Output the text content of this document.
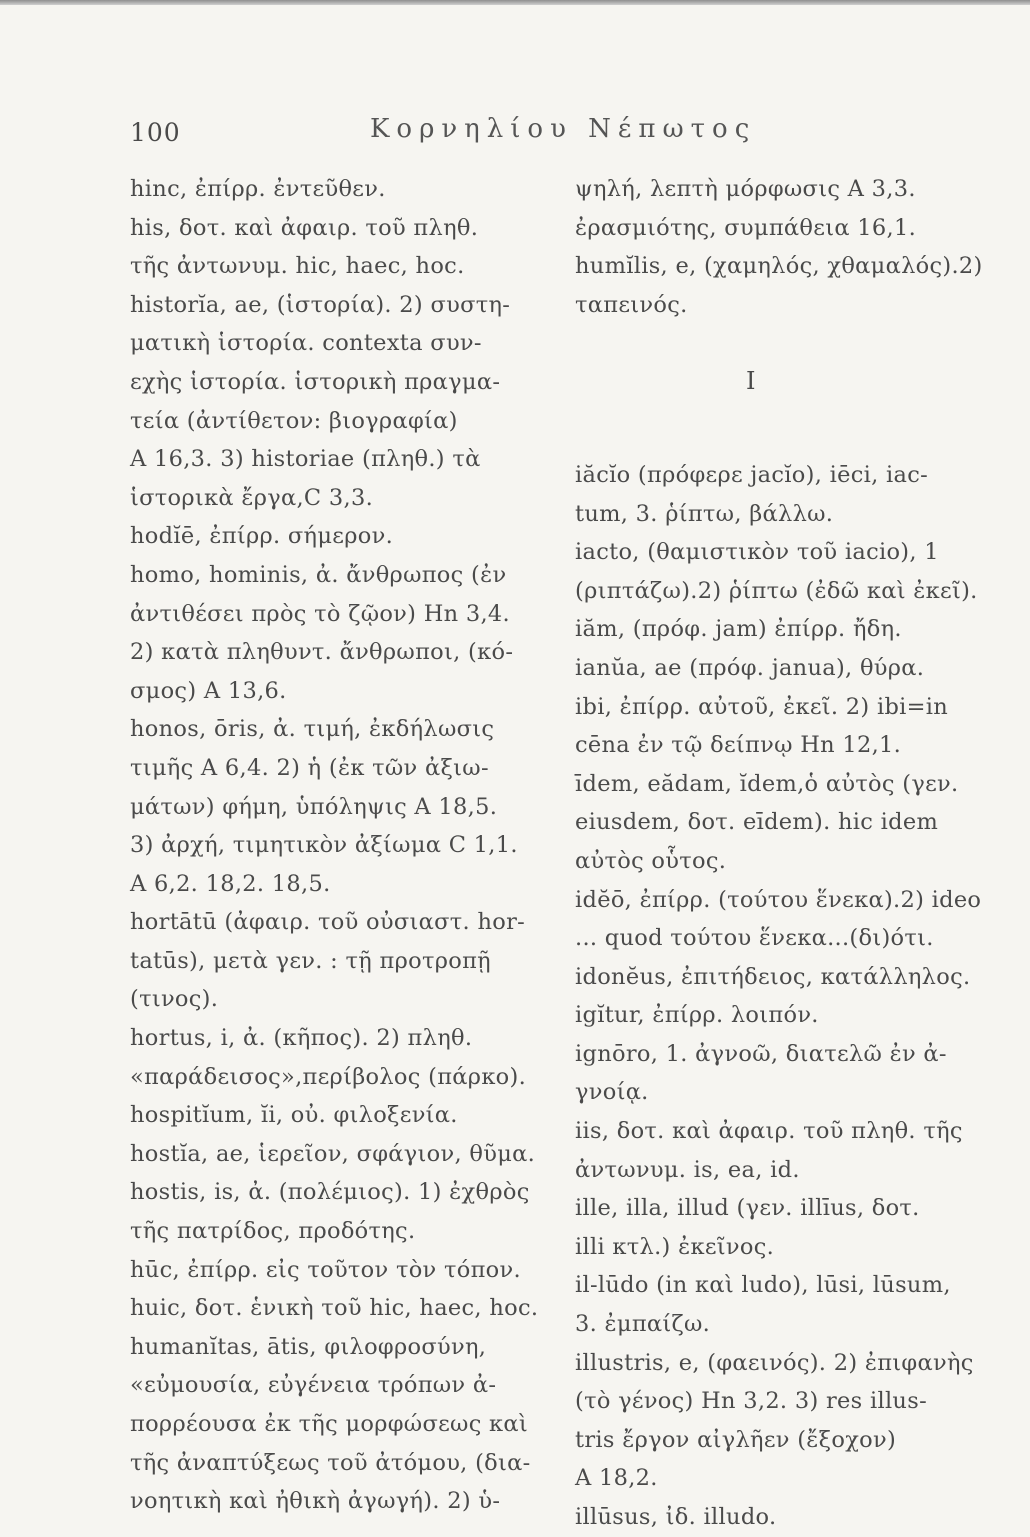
100	Κορνηλίου Νέπωτος
hinc, ἐπίρρ. ἐντεῦθεν.
his, δοτ. καὶ ἀφαιρ. τοῦ πληθ.
τῆς ἀντωνυμ. hic, haec, hoc.
historĭa, ae, (ἱστορία). 2) συστη-
ματικὴ ἱστορία. contexta συν-
εχὴς ἱστορία. ἱστορικὴ πραγμα-
τεία (ἀντίθετον: βιογραφία)
A 16,3. 3) historiae (πληθ.) τὰ
ἱστορικὰ ἔργα,C 3,3.
hodĭē, ἐπίρρ. σήμερον.
homo, hominis, ἀ. ἄνθρωπος (ἐν
ἀντιθέσει πρὸς τὸ ζῷον) Hn 3,4.
2) κατὰ πληθυντ. ἄνθρωποι, (κό-
σμος) A 13,6.
honos, ōris, ἀ. τιμή, ἐκδήλωσις
τιμῆς A 6,4. 2) ἡ (ἐκ τῶν ἀξιω-
μάτων) φήμη, ὑπόληψις A 18,5.
3) ἀρχή, τιμητικὸν ἀξίωμα C 1,1.
A 6,2. 18,2. 18,5.
hortātū (ἀφαιρ. τοῦ οὐσιαστ. hor-
tatūs), μετὰ γεν. : τῇ προτροπῇ
(τινος).
hortus, i, ἀ. (κῆπος). 2) πληθ.
«παράδεισος»,περίβολος (πάρκο).
hospitĭum, ĭi, οὐ. φιλοξενία.
hostĭa, ae, ἱερεῖον, σφάγιον, θῦμα.
hostis, is, ἀ. (πολέμιος). 1) ἐχθρὸς
τῆς πατρίδος, προδότης.
hūc, ἐπίρρ. εἰς τοῦτον τὸν τόπον.
huic, δοτ. ἑνικὴ τοῦ hic, haec, hoc.
humanĭtas, ātis, φιλοφροσύνη,
«εὐμουσία, εὐγένεια τρόπων ἀ-
πορρέουσα ἐκ τῆς μορφώσεως καὶ
τῆς ἀναπτύξεως τοῦ ἀτόμου, (δια-
νοητικὴ καὶ ἠθικὴ ἀγωγή). 2) ὑ-
ψηλή, λεπτὴ μόρφωσις A 3,3.
ἐρασμιότης, συμπάθεια 16,1.
humĭlis, e, (χαμηλός, χθαμαλός).2)
ταπεινός.
I
iăcĭo (πρόφερε jacĭo), iēci, iac-
tum, 3. ῥίπτω, βάλλω.
iacto, (θαμιστικὸν τοῦ iacio), 1
(ριπτάζω).2) ῥίπτω (ἐδῶ καὶ ἐκεῖ).
iăm, (πρόφ. jam) ἐπίρρ. ἤδη.
ianŭa, ae (πρόφ. janua), θύρα.
ibi, ἐπίρρ. αὐτοῦ, ἐκεῖ. 2) ibi=in
cēna ἐν τῷ δείπνῳ Hn 12,1.
īdem, eădam, ĭdem,ὁ αὐτὸς (γεν.
eiusdem, δοτ. eīdem). hic idem
αὐτὸς οὗτος.
idĕō, ἐπίρρ. (τούτου ἕνεκα).2) ideo
... quod τούτου ἕνεκα...(δι)ότι.
idonĕus, ἐπιτήδειος, κατάλληλος.
igĭtur, ἐπίρρ. λοιπόν.
ignōro, 1. ἀγνοῶ, διατελῶ ἐν ἀ-
γνοίᾳ.
iis, δοτ. καὶ ἀφαιρ. τοῦ πληθ. τῆς
ἀντωνυμ. is, ea, id.
ille, illa, illud (γεν. illīus, δοτ.
illi κτλ.) ἐκεῖνος.
il-lūdo (in καὶ ludo), lūsi, lūsum,
3. ἐμπαίζω.
illustris, e, (φαεινός). 2) ἐπιφανὴς
(τὸ γένος) Hn 3,2. 3) res illus-
tris ἔργον αἰγλῆεν (ἔξοχον)
A 18,2.
illūsus, ἰδ. illudo.
